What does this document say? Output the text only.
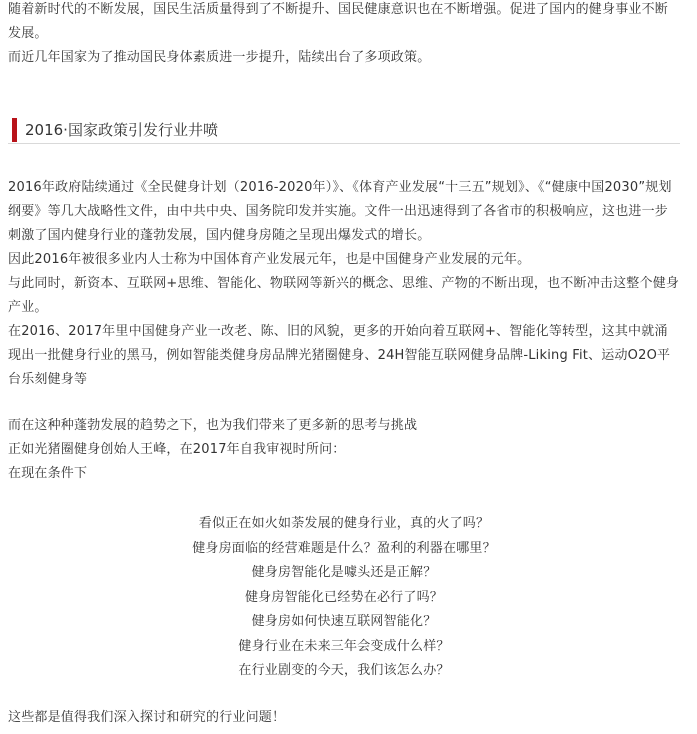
随着新时代的不断发展，国民生活质量得到了不断提升、国民健康意识也在不断增强。促进了国内的健身事业不断发展。
而近几年国家为了推动国民身体素质进一步提升，陆续出台了多项政策。
2016·国家政策引发行业井喷
2016年政府陆续通过《全民健身计划（2016-2020年）》、《体育产业发展“十三五”规划》、《“健康中国2030”规划纲要》等几大战略性文件，由中共中央、国务院印发并实施。文件一出迅速得到了各省市的积极响应，这也进一步刺激了国内健身行业的蓬勃发展，国内健身房随之呈现出爆发式的增长。
因此2016年被很多业内人士称为中国体育产业发展元年，也是中国健身产业发展的元年。
与此同时，新资本、互联网+思维、智能化、物联网等新兴的概念、思维、产物的不断出现，也不断冲击这整个健身产业。
在2016、2017年里中国健身产业一改老、陈、旧的风貌，更多的开始向着互联网+、智能化等转型，这其中就涌现出一批健身行业的黑马，例如智能类健身房品牌光猪圈健身、24H智能互联网健身品牌-Liking Fit、运动O2O平台乐刻健身等
而在这种种蓬勃发展的趋势之下，也为我们带来了更多新的思考与挑战
正如光猪圈健身创始人王峰，在2017年自我审视时所问：
在现在条件下
看似正在如火如荼发展的健身行业，真的火了吗？
健身房面临的经营难题是什么？盈利的利器在哪里？
健身房智能化是噱头还是正解？
健身房智能化已经势在必行了吗？
健身房如何快速互联网智能化？
健身行业在未来三年会变成什么样？
在行业剧变的今天，我们该怎么办？
这些都是值得我们深入探讨和研究的行业问题！
